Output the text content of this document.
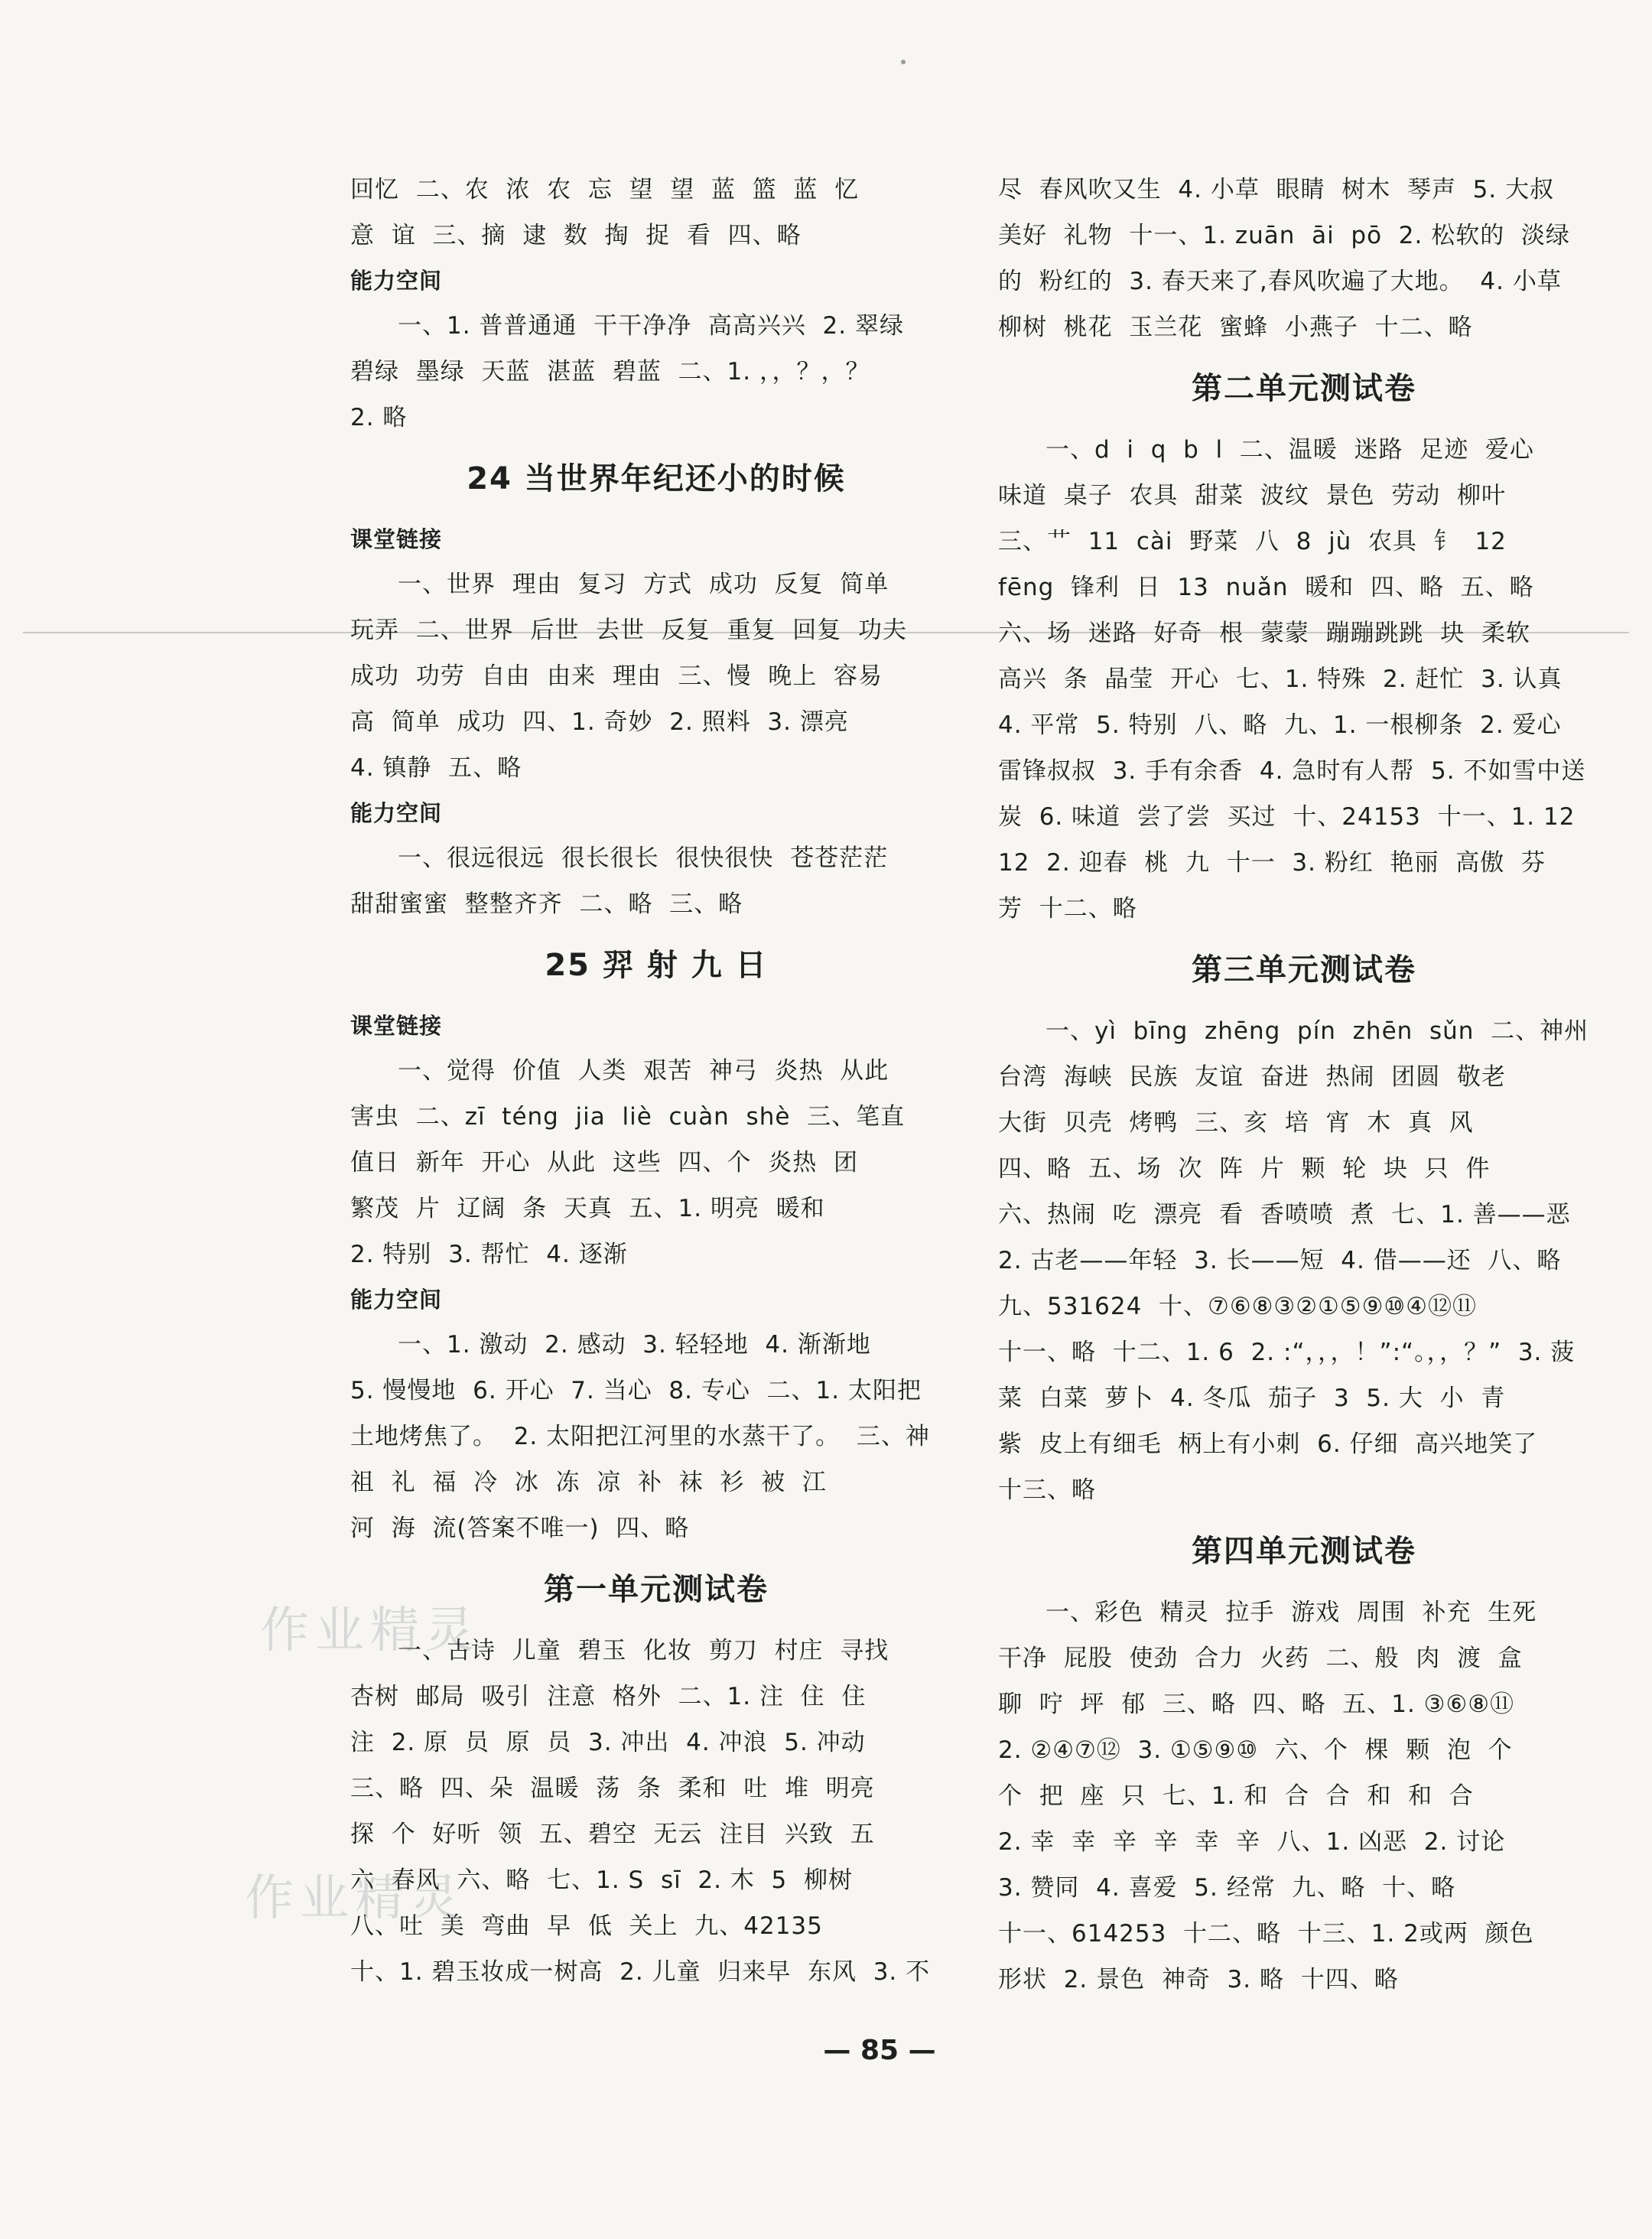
作业精灵
作业精灵
回忆  二、农  浓  农  忘  望  望  蓝  篮  蓝  忆
意  谊  三、摘  逮  数  掏  捉  看  四、略
能力空间
一、1. 普普通通  干干净净  高高兴兴  2. 翠绿
碧绿  墨绿  天蓝  湛蓝  碧蓝  二、1. ，，？，？
2. 略
24 当世界年纪还小的时候
课堂链接
一、世界  理由  复习  方式  成功  反复  简单
玩弄  二、世界  后世  去世  反复  重复  回复  功夫
成功  功劳  自由  由来  理由  三、慢  晚上  容易
高  简单  成功  四、1. 奇妙  2. 照料  3. 漂亮
4. 镇静  五、略
能力空间
一、很远很远  很长很长  很快很快  苍苍茫茫
甜甜蜜蜜  整整齐齐  二、略  三、略
25 羿 射 九 日
课堂链接
一、觉得  价值  人类  艰苦  神弓  炎热  从此
害虫  二、zī  téng  jia  liè  cuàn  shè  三、笔直
值日  新年  开心  从此  这些  四、个  炎热  团
繁茂  片  辽阔  条  天真  五、1. 明亮  暖和
2. 特别  3. 帮忙  4. 逐渐
能力空间
一、1. 激动  2. 感动  3. 轻轻地  4. 渐渐地
5. 慢慢地  6. 开心  7. 当心  8. 专心  二、1. 太阳把
土地烤焦了。  2. 太阳把江河里的水蒸干了。  三、神
祖  礼  福  冷  冰  冻  凉  补  袜  衫  被  江
河  海  流(答案不唯一)  四、略
第一单元测试卷
一、古诗  儿童  碧玉  化妆  剪刀  村庄  寻找
杏树  邮局  吸引  注意  格外  二、1. 注  住  住
注  2. 原  员  原  员  3. 冲出  4. 冲浪  5. 冲动
三、略  四、朵  温暖  荡  条  柔和  吐  堆  明亮
探  个  好听  领  五、碧空  无云  注目  兴致  五
六  春风  六、略  七、1. S  sī  2. 木  5  柳树
八、吐  美  弯曲  早  低  关上  九、42135
十、1. 碧玉妆成一树高  2. 儿童  归来早  东风  3. 不
尽  春风吹又生  4. 小草  眼睛  树木  琴声  5. 大叔
美好  礼物  十一、1. zuān  āi  pō  2. 松软的  淡绿
的  粉红的  3. 春天来了,春风吹遍了大地。  4. 小草
柳树  桃花  玉兰花  蜜蜂  小燕子  十二、略
第二单元测试卷
一、d  i  q  b  l  二、温暖  迷路  足迹  爱心
味道  桌子  农具  甜菜  波纹  景色  劳动  柳叶
三、艹  11  cài  野菜  八  8  jù  农具  钅  12
fēng  锋利  日  13  nuǎn  暖和  四、略  五、略
六、场  迷路  好奇  根  蒙蒙  蹦蹦跳跳  块  柔软
高兴  条  晶莹  开心  七、1. 特殊  2. 赶忙  3. 认真
4. 平常  5. 特别  八、略  九、1. 一根柳条  2. 爱心
雷锋叔叔  3. 手有余香  4. 急时有人帮  5. 不如雪中送
炭  6. 味道  尝了尝  买过  十、24153  十一、1. 12
12  2. 迎春  桃  九  十一  3. 粉红  艳丽  高傲  芬
芳  十二、略
第三单元测试卷
一、yì  bīng  zhēng  pín  zhēn  sǔn  二、神州
台湾  海峡  民族  友谊  奋进  热闹  团圆  敬老
大街  贝壳  烤鸭  三、亥  培  宵  木  真  风
四、略  五、场  次  阵  片  颗  轮  块  只  件
六、热闹  吃  漂亮  看  香喷喷  煮  七、1. 善——恶
2. 古老——年轻  3. 长——短  4. 借——还  八、略
九、531624  十、⑦⑥⑧③②①⑤⑨⑩④⑫⑪
十一、略  十二、1. 6  2. :“，，，！”:“。，，？”  3. 菠
菜  白菜  萝卜  4. 冬瓜  茄子  3  5. 大  小  青
紫  皮上有细毛  柄上有小刺  6. 仔细  高兴地笑了
十三、略
第四单元测试卷
一、彩色  精灵  拉手  游戏  周围  补充  生死
干净  屁股  使劲  合力  火药  二、般  肉  渡  盒
聊  咛  坪  郁  三、略  四、略  五、1. ③⑥⑧⑪
2. ②④⑦⑫  3. ①⑤⑨⑩  六、个  棵  颗  泡  个
个  把  座  只  七、1. 和  合  合  和  和  合
2. 幸  幸  辛  辛  幸  辛  八、1. 凶恶  2. 讨论
3. 赞同  4. 喜爱  5. 经常  九、略  十、略
十一、614253  十二、略  十三、1. 2或两  颜色
形状  2. 景色  神奇  3. 略  十四、略
— 85 —
